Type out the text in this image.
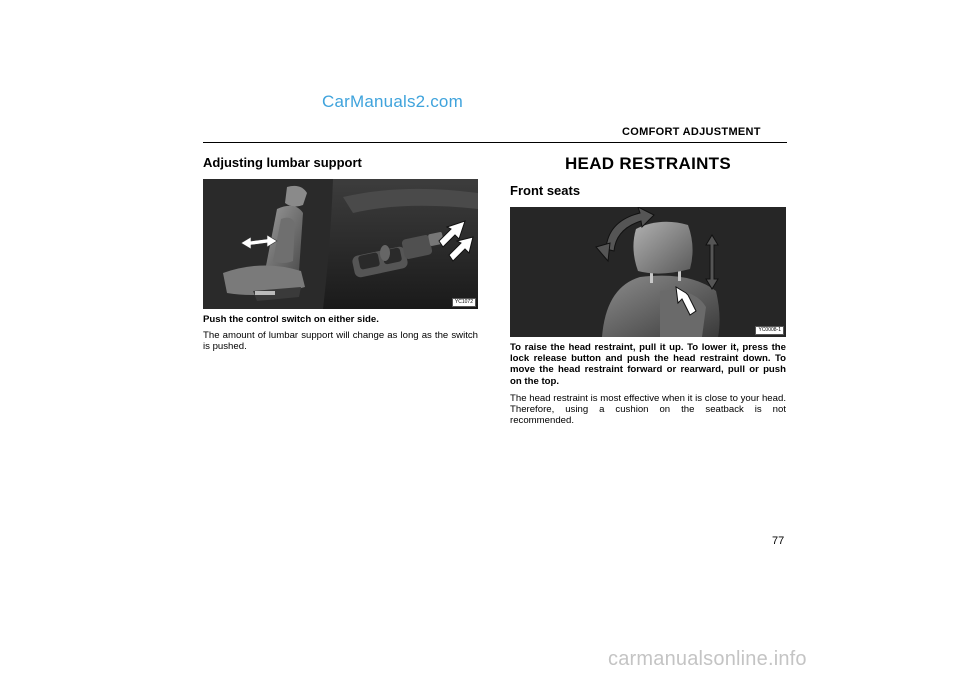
CarManuals2.com
COMFORT ADJUSTMENT
Adjusting lumbar support
YC1072
Push the control switch on either side.
The amount of lumbar support will change as long as the switch is pushed.
HEAD RESTRAINTS
Front seats
YC0008-1
To raise the head restraint, pull it up. To lower it, press the lock release button and push the head restraint down. To move the head restraint forward or rearward, pull or push on the top.
The head restraint is most effective when it is close to your head. Therefore, using a cushion on the seatback is not recommended.
77
carmanualsonline.info
